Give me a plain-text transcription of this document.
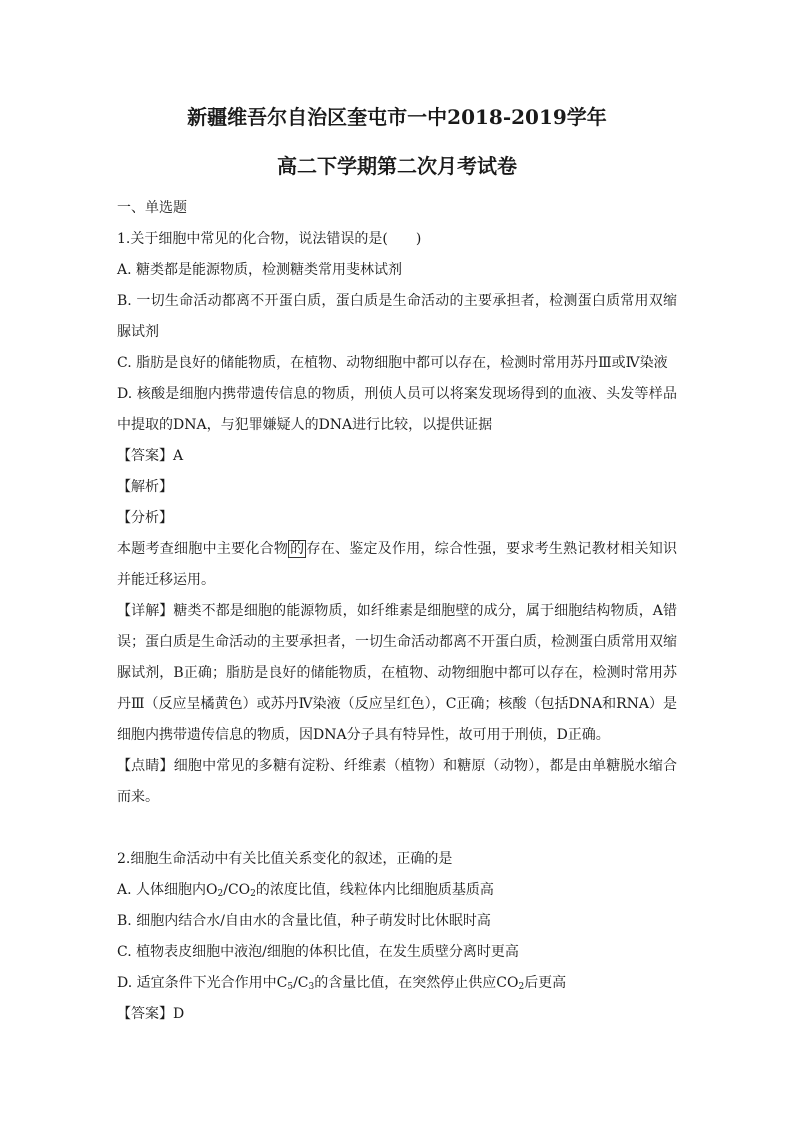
新疆维吾尔自治区奎屯市一中2018-2019学年

高二下学期第二次月考试卷

一、单选题

1.关于细胞中常见的化合物，说法错误的是(　　)

A. 糖类都是能源物质，检测糖类常用斐林试剂

B. 一切生命活动都离不开蛋白质，蛋白质是生命活动的主要承担者，检测蛋白质常用双缩脲试剂

C. 脂肪是良好的储能物质，在植物、动物细胞中都可以存在，检测时常用苏丹Ⅲ或Ⅳ染液

D. 核酸是细胞内携带遗传信息的物质，刑侦人员可以将案发现场得到的血液、头发等样品中提取的DNA，与犯罪嫌疑人的DNA进行比较，以提供证据

【答案】A

【解析】

【分析】

本题考查细胞中主要化合物 的 存在、鉴定及作用，综合性强，要求考生熟记教材相关知识并能迁移运用。

【详解】糖类不都是细胞的能源物质，如纤维素是细胞壁的成分，属于细胞结构物质，A错误；蛋白质是生命活动的主要承担者，一切生命活动都离不开蛋白质，检测蛋白质常用双缩脲试剂，B正确；脂肪是良好的储能物质，在植物、动物细胞中都可以存在，检测时常用苏丹Ⅲ（反应呈橘黄色）或苏丹Ⅳ染液（反应呈红色），C正确；核酸（包括DNA和RNA）是细胞内携带遗传信息的物质，因DNA分子具有特异性，故可用于刑侦，D正确。

【点睛】细胞中常见的多糖有淀粉、纤维素（植物）和糖原（动物），都是由单糖脱水缩合而来。

2.细胞生命活动中有关比值关系变化的叙述，正确的是

A. 人体细胞内$O_2/CO_2$的浓度比值，线粒体内比细胞质基质高

B. 细胞内结合水/自由水的含量比值，种子萌发时比休眠时高

C. 植物表皮细胞中液泡/细胞的体积比值，在发生质壁分离时更高

D. 适宜条件下光合作用中$C_5/C_3$的含量比值，在突然停止供应$CO_2$后更高

【答案】D
